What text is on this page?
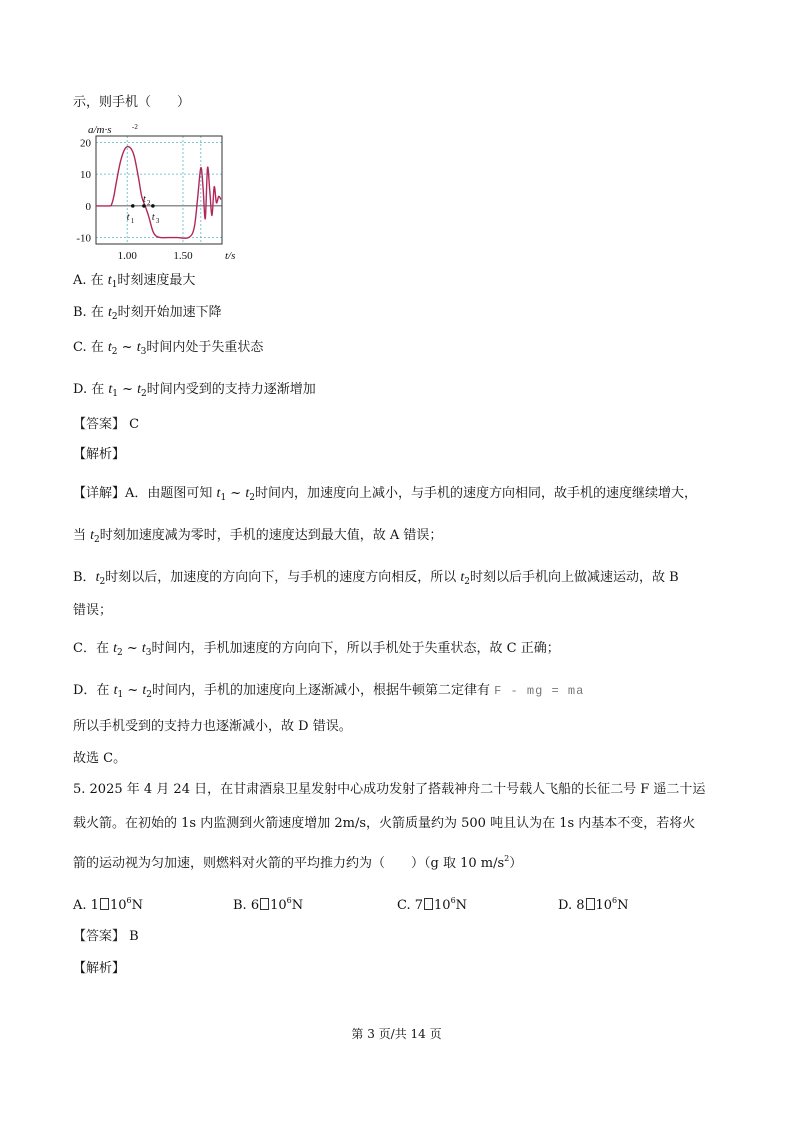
示，则手机（　　）
20
10
0
-10
1.00	1.50
a/m·s	-2
t/s
t 1
t 2
t 3
A. 在 $t_1$时刻速度最大
B. 在 $t_2$时刻开始加速下降
C. 在 $t_2$ ~ $t_3$时间内处于失重状态
D. 在 $t_1$ ~ $t_2$时间内受到的支持力逐渐增加
【答案】 C
【解析】
【详解】A．由题图可知 $t_1$ ~ $t_2$时间内，加速度向上减小，与手机的速度方向相同，故手机的速度继续增大，
当 $t_2$时刻加速度减为零时，手机的速度达到最大值，故 A 错误；
B．$t_2$时刻以后，加速度的方向向下，与手机的速度方向相反，所以 $t_2$时刻以后手机向上做减速运动，故 B
错误；
C．在 $t_2$ ~ $t_3$时间内，手机加速度的方向向下，所以手机处于失重状态，故 C 正确；
D．在 $t_1$ ~ $t_2$时间内，手机的加速度向上逐渐减小，根据牛顿第二定律有 F - mg = ma
所以手机受到的支持力也逐渐减小，故 D 错误。
故选 C。
5. 2025 年 4 月 24 日，在甘肃酒泉卫星发射中心成功发射了搭载神舟二十号载人飞船的长征二号 F 遥二十运
载火箭。在初始的 1s 内监测到火箭速度增加 2m/s，火箭质量约为 500 吨且认为在 1s 内基本不变，若将火
箭的运动视为匀加速，则燃料对火箭的平均推力约为（　　）（g 取 10 $m/s^2$）
A. 1 $10^6N$	B. 6 $10^6N$	C. 7 $10^6N$	D. 8 $10^6N$
【答案】 B
【解析】
第 3 页/共 14 页
